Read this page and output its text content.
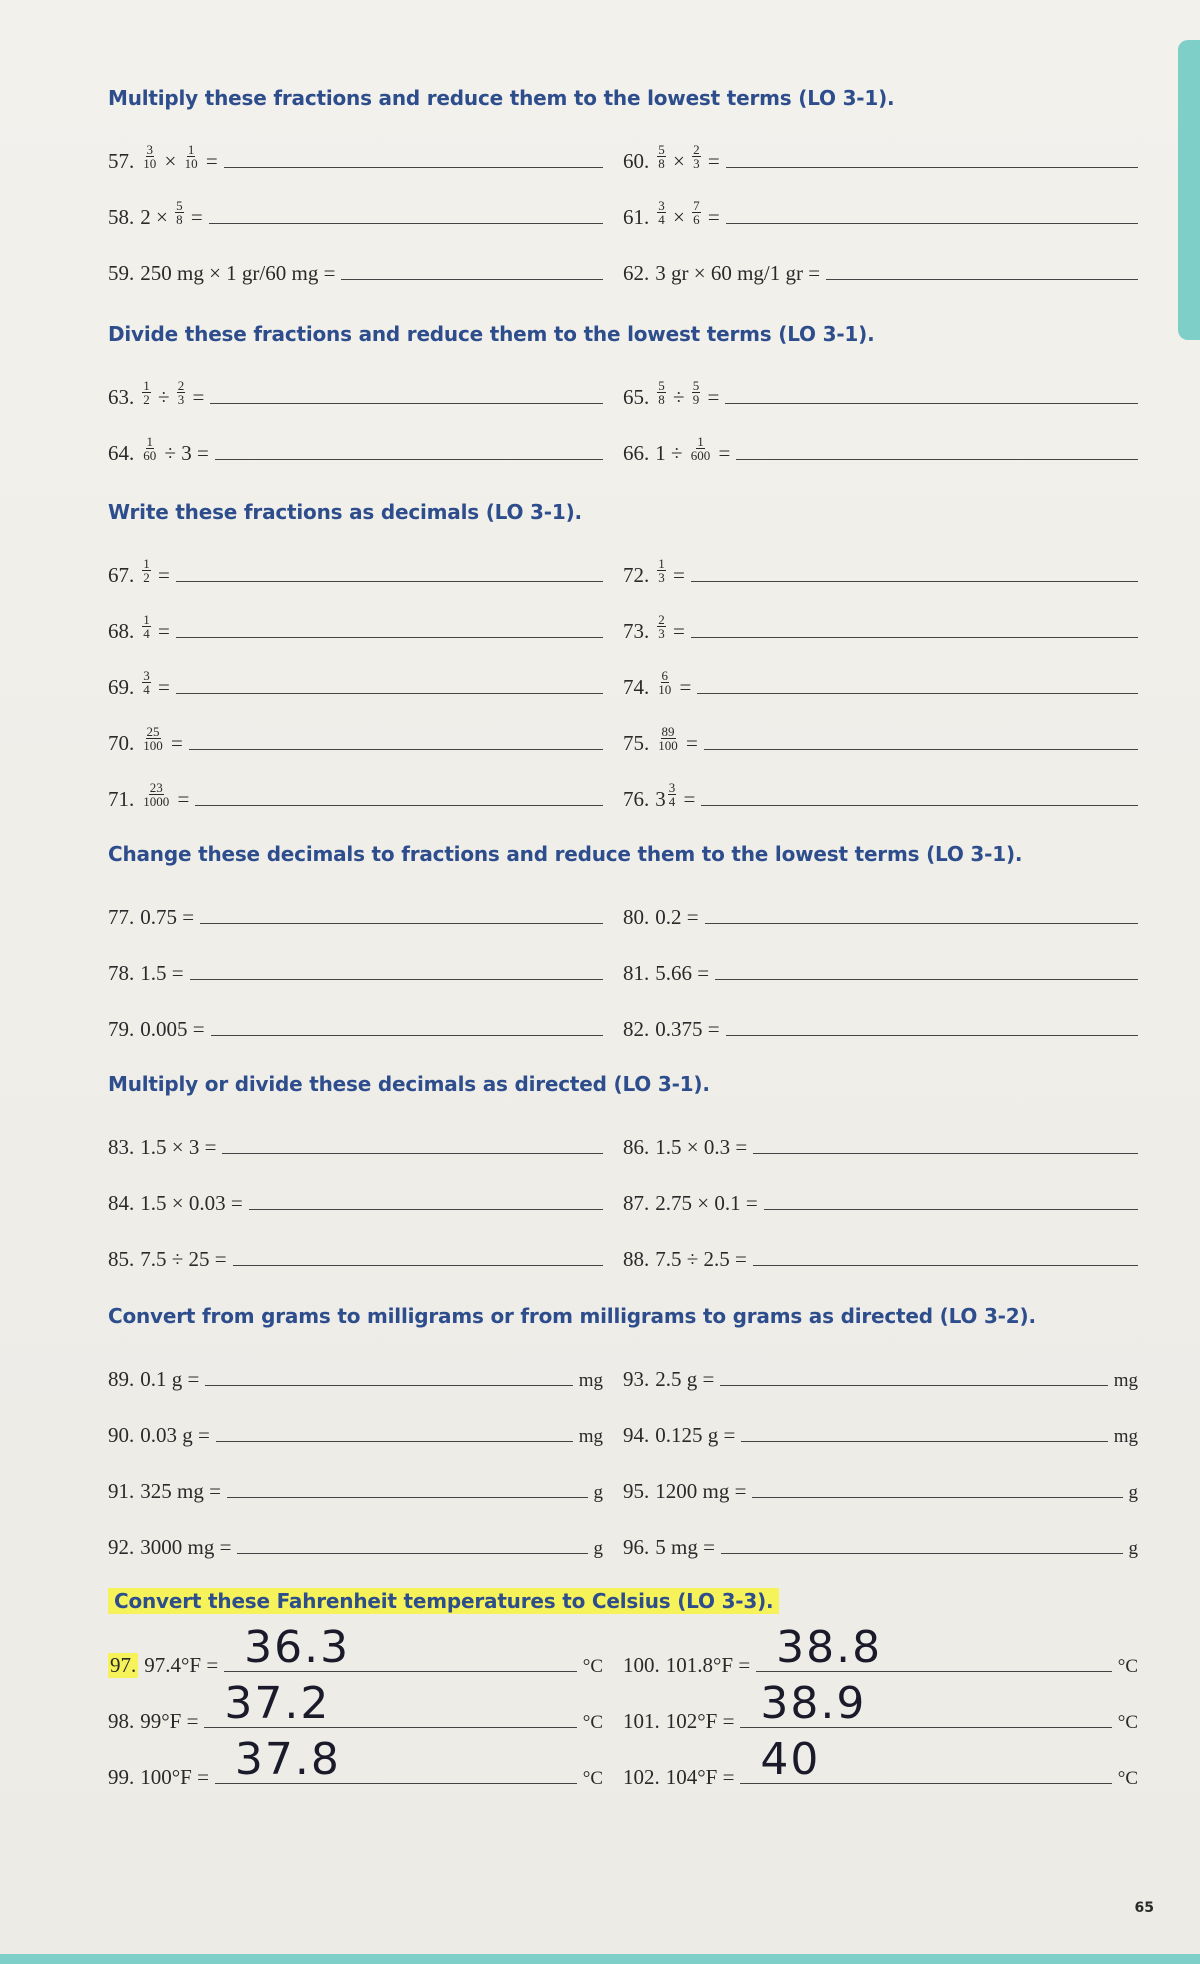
Multiply these fractions and reduce them to the lowest terms (LO 3-1).
57. $\frac{3}{10} \times \frac{1}{10}$ =	60. $\frac{5}{8} \times \frac{2}{3}$ =
58. $2 \times \frac{5}{8}$ =	61. $\frac{3}{4} \times \frac{7}{6}$ =
59. 250 mg × 1 gr/60 mg =	62. 3 gr × 60 mg/1 gr =
Divide these fractions and reduce them to the lowest terms (LO 3-1).
63. $\frac{1}{2} \div \frac{2}{3}$ =	65. $\frac{5}{8} \div \frac{5}{9}$ =
64. $\frac{1}{60} \div 3$ =	66. $1 \div \frac{1}{600}$ =
Write these fractions as decimals (LO 3-1).
67. $\frac{1}{2}$ =	72. $\frac{1}{3}$ =
68. $\frac{1}{4}$ =	73. $\frac{2}{3}$ =
69. $\frac{3}{4}$ =	74. $\frac{6}{10}$ =
70. $\frac{25}{100}$ =	75. $\frac{89}{100}$ =
71. $\frac{23}{1000}$ =	76. $3 \frac{3}{4}$ =
Change these decimals to fractions and reduce them to the lowest terms (LO 3-1).
77. 0.75 =	80. 0.2 =
78. 1.5 =	81. 5.66 =
79. 0.005 =	82. 0.375 =
Multiply or divide these decimals as directed (LO 3-1).
83. 1.5 × 3 =	86. 1.5 × 0.3 =
84. 1.5 × 0.03 =	87. 2.75 × 0.1 =
85. 7.5 ÷ 25 =	88. 7.5 ÷ 2.5 =
Convert from grams to milligrams or from milligrams to grams as directed (LO 3-2).
89. 0.1 g =	mg 93. 2.5 g =	mg
90. 0.03 g =	mg 94. 0.125 g =	mg
91. 325 mg =	g 95. 1200 mg =	g
92. 3000 mg =	g 96. 5 mg =	g
Convert these Fahrenheit temperatures to Celsius (LO 3-3).
97. 97.4°F = 36.3	°C 100. 101.8°F = 38.8	°C
98. 99°F = 37.2	°C 101. 102°F = 38.9	°C
99. 100°F = 37.8	°C 102. 104°F = 40	°C
65
